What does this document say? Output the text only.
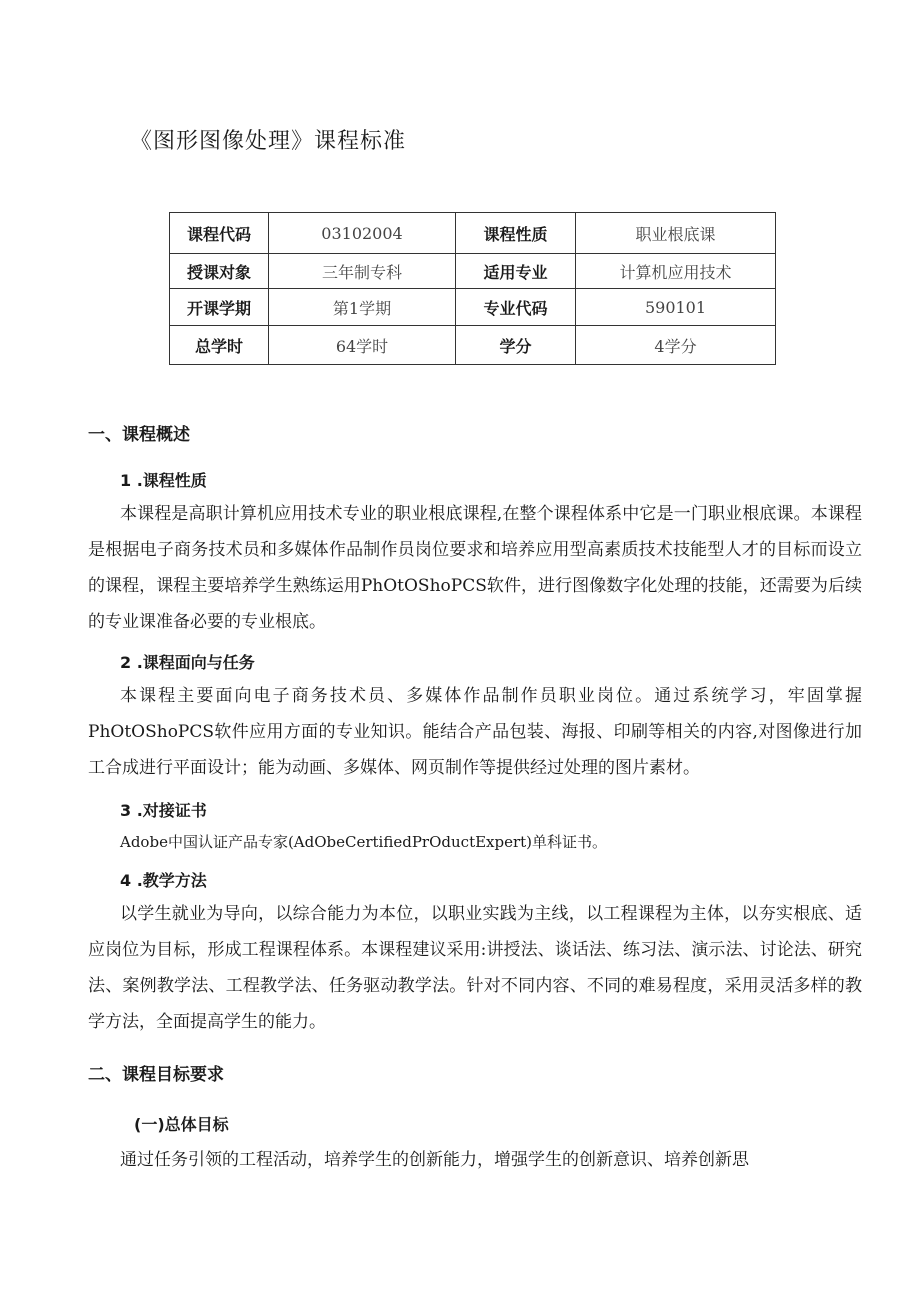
《图形图像处理》课程标准
课程代码	03102004	课程性质	职业根底课
授课对象	三年制专科	适用专业	计算机应用技术
开课学期	第1学期	专业代码	590101
总学时	64学时	学分	4学分
一、课程概述
1 .课程性质
本课程是高职计算机应用技术专业的职业根底课程,在整个课程体系中它是一门职业根底课。本课程是根据电子商务技术员和多媒体作品制作员岗位要求和培养应用型高素质技术技能型人才的目标而设立的课程，课程主要培养学生熟练运用PhOtOShoPCS软件，进行图像数字化处理的技能，还需要为后续的专业课准备必要的专业根底。
2 .课程面向与任务
本课程主要面向电子商务技术员、多媒体作品制作员职业岗位。通过系统学习，牢固掌握PhOtOShoPCS软件应用方面的专业知识。能结合产品包装、海报、印刷等相关的内容,对图像进行加工合成进行平面设计；能为动画、多媒体、网页制作等提供经过处理的图片素材。
3 .对接证书
Adobe中国认证产品专家(AdObeCertifiedPrOductExpert)单科证书。
4 .教学方法
以学生就业为导向，以综合能力为本位，以职业实践为主线，以工程课程为主体，以夯实根底、适应岗位为目标，形成工程课程体系。本课程建议采用:讲授法、谈话法、练习法、演示法、讨论法、研究法、案例教学法、工程教学法、任务驱动教学法。针对不同内容、不同的难易程度，采用灵活多样的教学方法，全面提高学生的能力。
二、课程目标要求
(一)总体目标
通过任务引领的工程活动，培养学生的创新能力，增强学生的创新意识、培养创新思
